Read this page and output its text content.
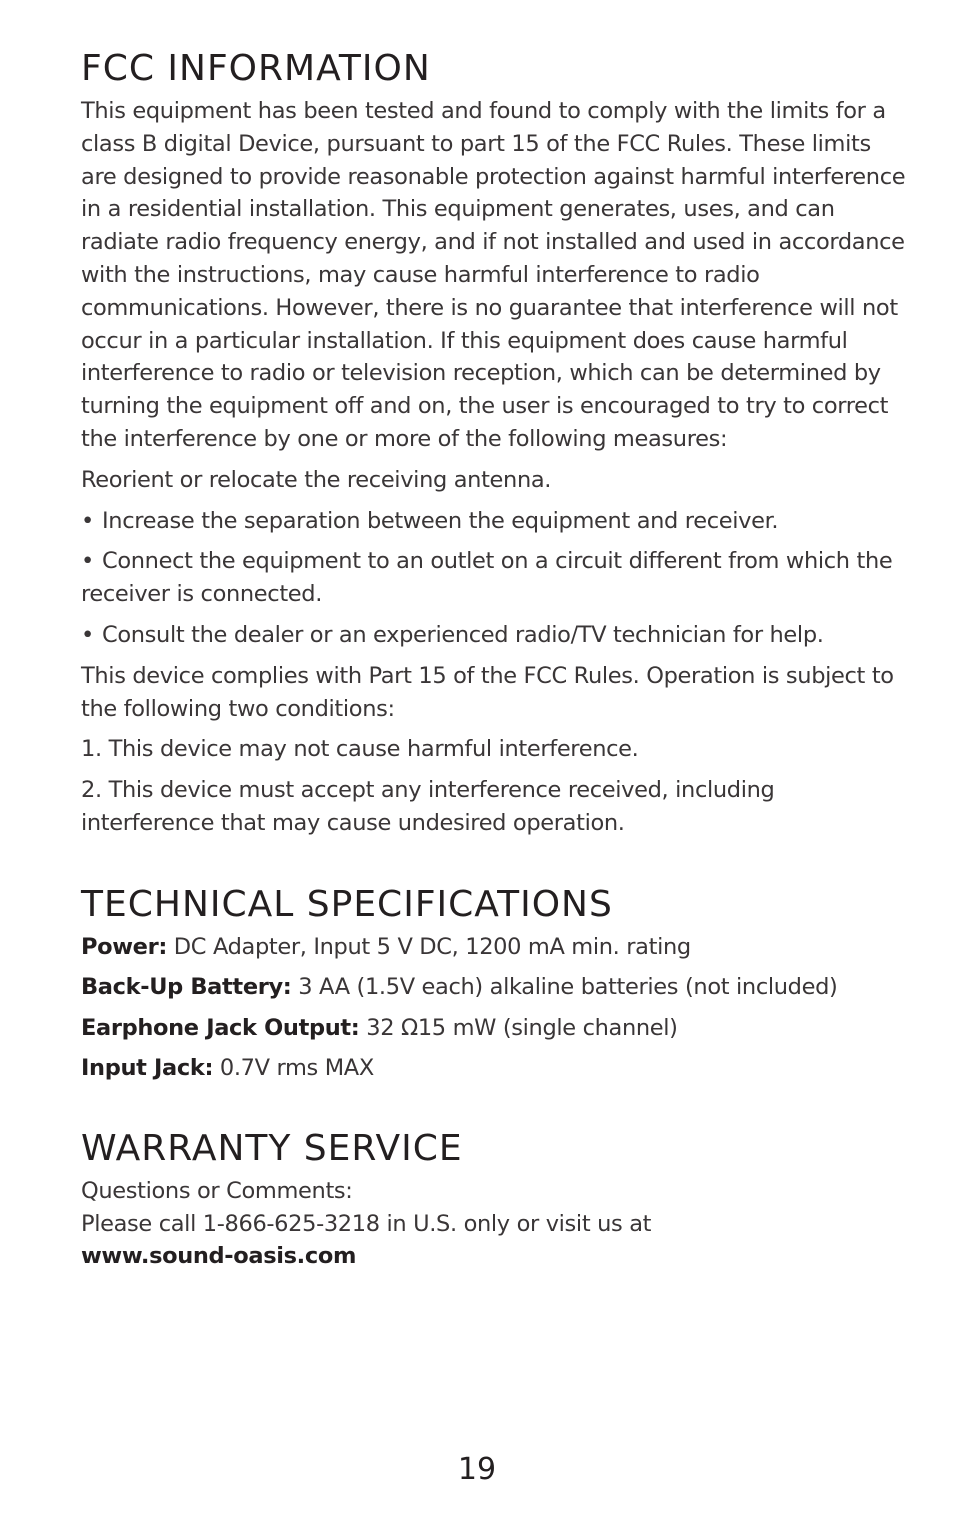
FCC INFORMATION

This equipment has been tested and found to comply with the limits for a class B digital Device, pursuant to part 15 of the FCC Rules. These limits are designed to provide reasonable protection against harmful interference in a residential installation. This equipment generates, uses, and can radiate radio frequency energy, and if not installed and used in accordance with the instructions, may cause harmful interference to radio communications. However, there is no guarantee that interference will not occur in a particular installation. If this equipment does cause harmful interference to radio or television reception, which can be determined by turning the equipment off and on, the user is encouraged to try to correct the interference by one or more of the following measures:

Reorient or relocate the receiving antenna.

• Increase the separation between the equipment and receiver.

• Connect the equipment to an outlet on a circuit different from which the receiver is connected.

• Consult the dealer or an experienced radio/TV technician for help.

This device complies with Part 15 of the FCC Rules. Operation is subject to the following two conditions:

1. This device may not cause harmful interference.

2. This device must accept any interference received, including interference that may cause undesired operation.

TECHNICAL SPECIFICATIONS

Power: DC Adapter, Input 5 V DC, 1200 mA min. rating

Back-Up Battery: 3 AA (1.5V each) alkaline batteries (not included)

Earphone Jack Output: 32 Ω15 mW (single channel)

Input Jack: 0.7V rms MAX

WARRANTY SERVICE

Questions or Comments:

Please call 1-866-625-3218 in U.S. only or visit us at

www.sound-oasis.com

19
